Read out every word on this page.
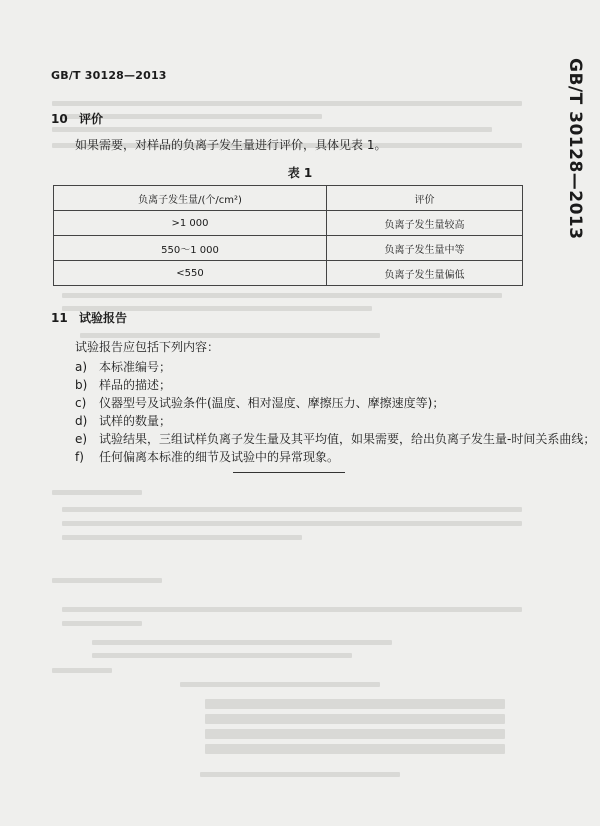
GB/T 30128—2013	GB/T 30128—2013
10 评价
如果需要，对样品的负离子发生量进行评价，具体见表 1。
表 1
负离子发生量/(个/cm²)	评价
>1 000	负离子发生量较高
550～1 000	负离子发生量中等
<550	负离子发生量偏低
11 试验报告
试验报告应包括下列内容：
a) 本标准编号；
b) 样品的描述；
c) 仪器型号及试验条件(温度、相对湿度、摩擦压力、摩擦速度等)；
d) 试样的数量；
e) 试验结果，三组试样负离子发生量及其平均值，如果需要，给出负离子发生量-时间关系曲线；
f) 任何偏离本标准的细节及试验中的异常现象。
